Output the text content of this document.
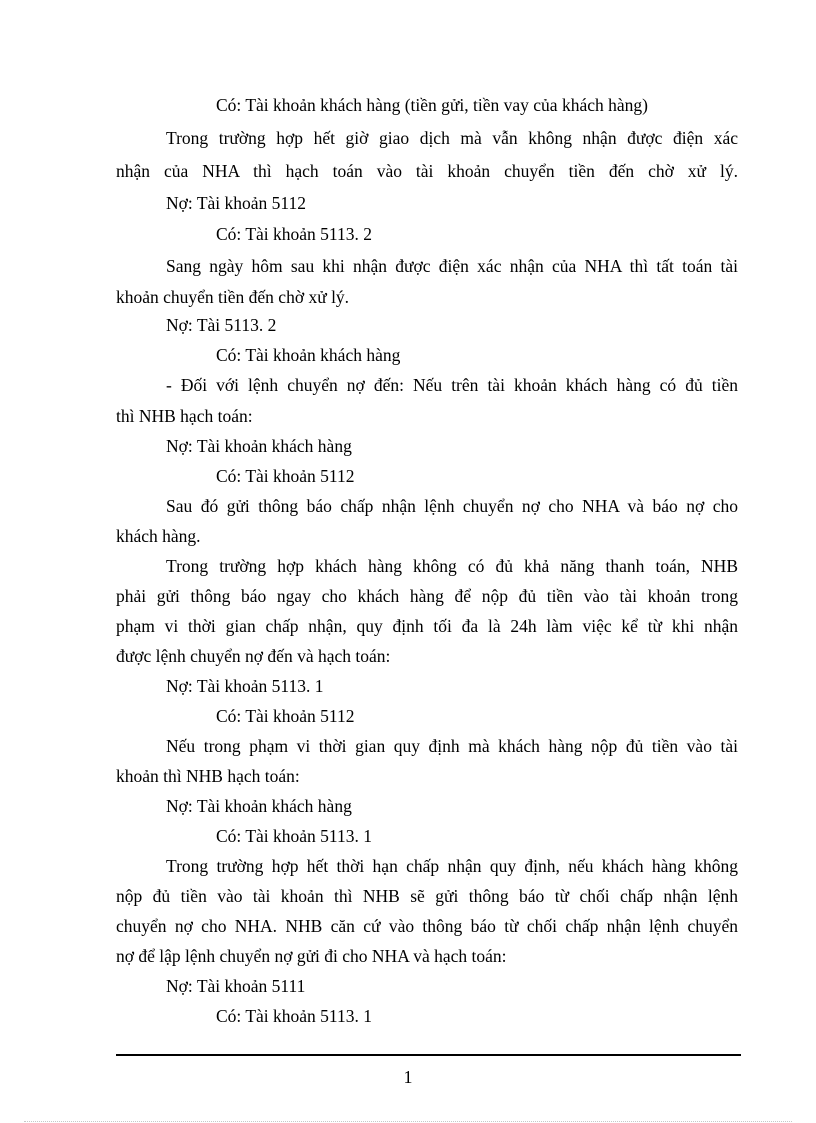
Có: Tài khoản khách hàng (tiền gửi, tiền vay của khách hàng)
Trong trường hợp hết giờ giao dịch mà vẫn không nhận được điện xác
nhận của NHA thì hạch toán vào tài khoản chuyển tiền đến chờ xử lý.
Nợ: Tài khoản 5112
Có: Tài khoản 5113. 2
Sang ngày hôm sau khi nhận được điện xác nhận của NHA thì tất toán tài
khoản chuyển tiền đến chờ xử lý.
Nợ: Tài 5113. 2
Có: Tài khoản khách hàng
- Đối với lệnh chuyển nợ đến: Nếu trên tài khoản khách hàng có đủ tiền
thì NHB hạch toán:
Nợ: Tài khoản khách hàng
Có: Tài khoản 5112
Sau đó gửi thông báo chấp nhận lệnh chuyển nợ cho NHA và báo nợ cho
khách hàng.
Trong trường hợp khách hàng không có đủ khả năng thanh toán, NHB
phải gửi thông báo ngay cho khách hàng để nộp đủ tiền vào tài khoản trong
phạm vi thời gian chấp nhận, quy định tối đa là 24h làm việc kể từ khi nhận
được lệnh chuyển nợ đến và hạch toán:
Nợ: Tài khoản 5113. 1
Có: Tài khoản 5112
Nếu trong phạm vi thời gian quy định mà khách hàng nộp đủ tiền vào tài
khoản thì NHB hạch toán:
Nợ: Tài khoản khách hàng
Có: Tài khoản 5113. 1
Trong trường hợp hết thời hạn chấp nhận quy định, nếu khách hàng không
nộp đủ tiền vào tài khoản thì NHB sẽ gửi thông báo từ chối chấp nhận lệnh
chuyển nợ cho NHA. NHB căn cứ vào thông báo từ chối chấp nhận lệnh chuyển
nợ để lập lệnh chuyển nợ gửi đi cho NHA và hạch toán:
Nợ: Tài khoản 5111
Có: Tài khoản 5113. 1
1
